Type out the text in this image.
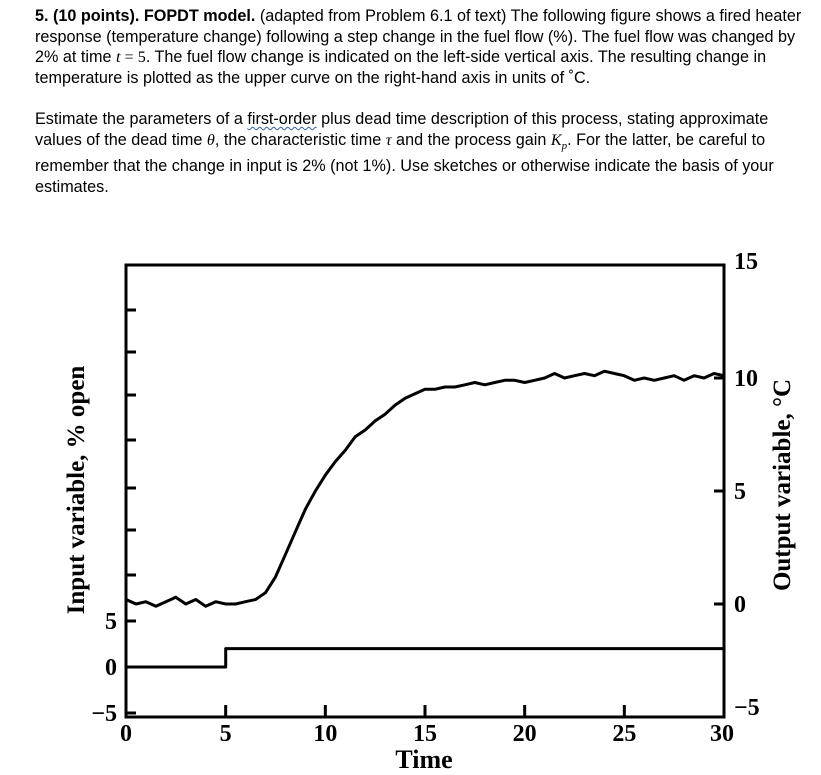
5. (10 points). FOPDT model. (adapted from Problem 6.1 of text) The following figure shows a fired heater response (temperature change) following a step change in the fuel flow (%). The fuel flow was changed by 2% at time t = 5. The fuel flow change is indicated on the left-side vertical axis. The resulting change in temperature is plotted as the upper curve on the right-hand axis in units of ˚C.

Estimate the parameters of a first-order plus dead time description of this process, stating approximate values of the dead time θ, the characteristic time τ and the process gain $K_p$. For the latter, be careful to remember that the change in input is 2% (not 1%). Use sketches or otherwise indicate the basis of your estimates.

0	5	10	15	20	25	30
5
0
−5
15
10
5
0
−5
Time
Input variable, % open	Output variable, °C
